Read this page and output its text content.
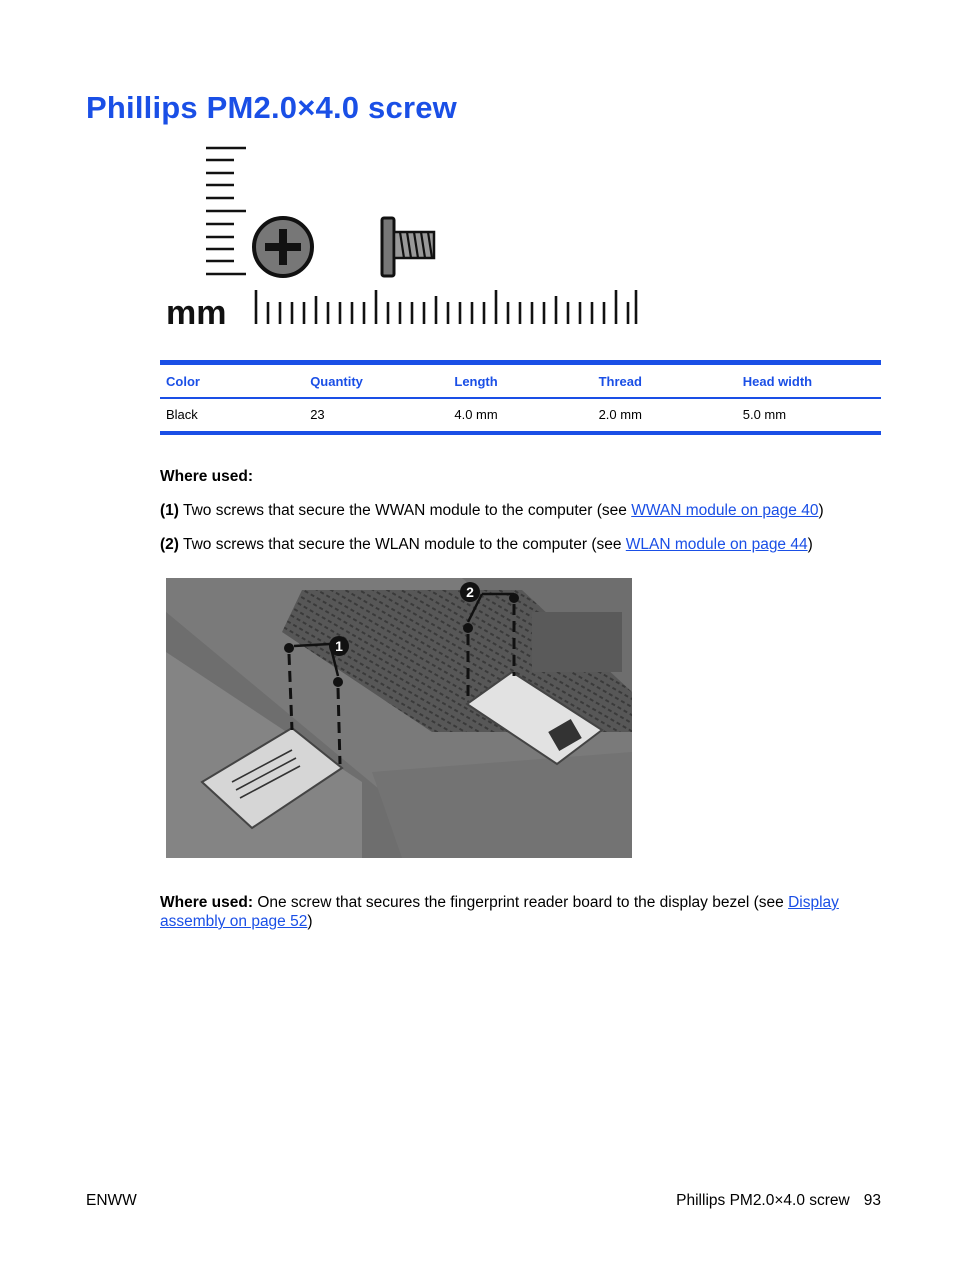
Phillips PM2.0×4.0 screw
mm
Color	Quantity	Length	Thread	Head width
Black	23	4.0 mm	2.0 mm	5.0 mm

Where used:

(1) Two screws that secure the WWAN module to the computer (see WWAN module on page 40)

(2) Two screws that secure the WLAN module to the computer (see WLAN module on page 44)

1
2

Where used: One screw that secures the fingerprint reader board to the display bezel (see Display assembly on page 52)

ENWW	Phillips PM2.0×4.0 screw 93
